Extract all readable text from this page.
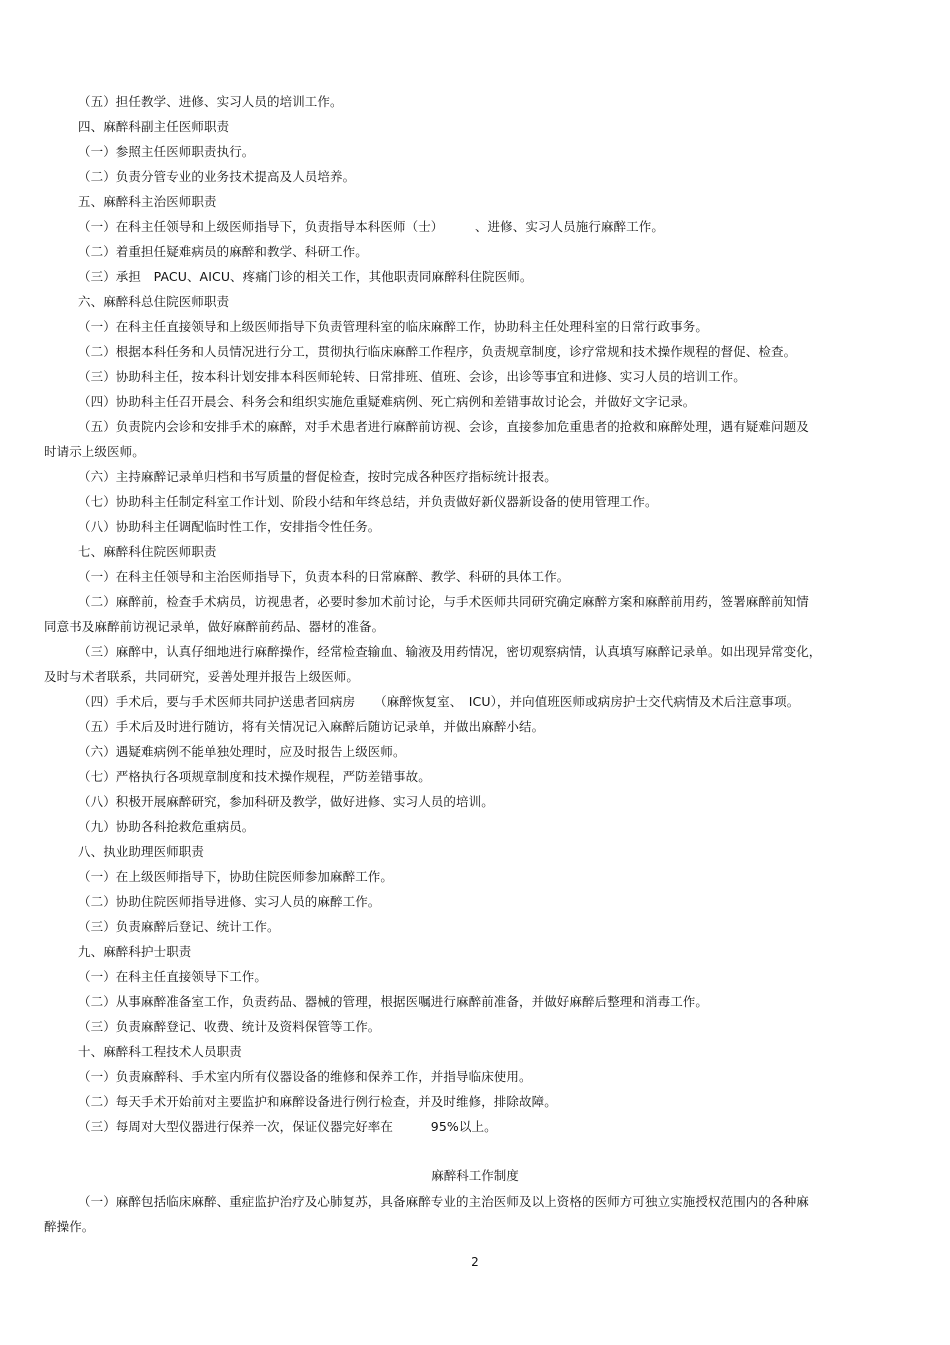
（五）担任教学、进修、实习人员的培训工作。
四、麻醉科副主任医师职责
（一）参照主任医师职责执行。
（二）负责分管专业的业务技术提高及人员培养。
五、麻醉科主治医师职责
（一）在科主任领导和上级医师指导下，负责指导本科医师（士）　　　、进修、实习人员施行麻醉工作。
（二）着重担任疑难病员的麻醉和教学、科研工作。
（三）承担　PACU、AICU、疼痛门诊的相关工作，其他职责同麻醉科住院医师。
六、麻醉科总住院医师职责
（一）在科主任直接领导和上级医师指导下负责管理科室的临床麻醉工作，协助科主任处理科室的日常行政事务。
（二）根据本科任务和人员情况进行分工，贯彻执行临床麻醉工作程序，负责规章制度，诊疗常规和技术操作规程的督促、检查。
（三）协助科主任，按本科计划安排本科医师轮转、日常排班、值班、会诊，出诊等事宜和进修、实习人员的培训工作。
（四）协助科主任召开晨会、科务会和组织实施危重疑难病例、死亡病例和差错事故讨论会，并做好文字记录。
（五）负责院内会诊和安排手术的麻醉，对手术患者进行麻醉前访视、会诊，直接参加危重患者的抢救和麻醉处理，遇有疑难问题及
时请示上级医师。
（六）主持麻醉记录单归档和书写质量的督促检查，按时完成各种医疗指标统计报表。
（七）协助科主任制定科室工作计划、阶段小结和年终总结，并负责做好新仪器新设备的使用管理工作。
（八）协助科主任调配临时性工作，安排指令性任务。
七、麻醉科住院医师职责
（一）在科主任领导和主治医师指导下，负责本科的日常麻醉、教学、科研的具体工作。
（二）麻醉前，检查手术病员，访视患者，必要时参加术前讨论，与手术医师共同研究确定麻醉方案和麻醉前用药，签署麻醉前知情
同意书及麻醉前访视记录单，做好麻醉前药品、器材的准备。
（三）麻醉中，认真仔细地进行麻醉操作，经常检查输血、输液及用药情况，密切观察病情，认真填写麻醉记录单。如出现异常变化，
及时与术者联系，共同研究，妥善处理并报告上级医师。
（四）手术后，要与手术医师共同护送患者回病房　　（麻醉恢复室、　ICU），并向值班医师或病房护士交代病情及术后注意事项。
（五）手术后及时进行随访，将有关情况记入麻醉后随访记录单，并做出麻醉小结。
（六）遇疑难病例不能单独处理时，应及时报告上级医师。
（七）严格执行各项规章制度和技术操作规程，严防差错事故。
（八）积极开展麻醉研究，参加科研及教学，做好进修、实习人员的培训。
（九）协助各科抢救危重病员。
八、执业助理医师职责
（一）在上级医师指导下，协助住院医师参加麻醉工作。
（二）协助住院医师指导进修、实习人员的麻醉工作。
（三）负责麻醉后登记、统计工作。
九、麻醉科护士职责
（一）在科主任直接领导下工作。
（二）从事麻醉准备室工作，负责药品、器械的管理，根据医嘱进行麻醉前准备，并做好麻醉后整理和消毒工作。
（三）负责麻醉登记、收费、统计及资料保管等工作。
十、麻醉科工程技术人员职责
（一）负责麻醉科、手术室内所有仪器设备的维修和保养工作，并指导临床使用。
（二）每天手术开始前对主要监护和麻醉设备进行例行检查，并及时维修，排除故障。
（三）每周对大型仪器进行保养一次，保证仪器完好率在　　　95%以上。
麻醉科工作制度
（一）麻醉包括临床麻醉、重症监护治疗及心肺复苏，具备麻醉专业的主治医师及以上资格的医师方可独立实施授权范围内的各种麻
醉操作。
2
